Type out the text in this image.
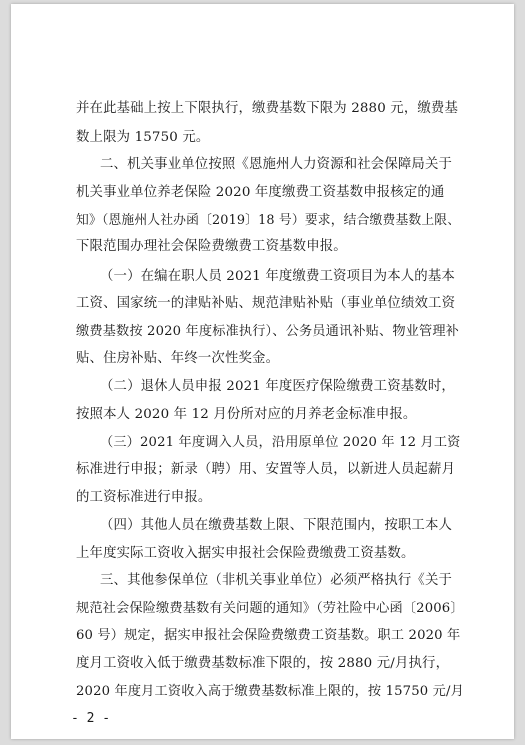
并在此基础上按上下限执行，缴费基数下限为 2880 元，缴费基
数上限为 15750 元。
二、机关事业单位按照《恩施州人力资源和社会保障局关于
机关事业单位养老保险 2020 年度缴费工资基数申报核定的通
知》（恩施州人社办函〔2019〕18 号）要求，结合缴费基数上限、
下限范围办理社会保险费缴费工资基数申报。
（一）在编在职人员 2021 年度缴费工资项目为本人的基本
工资、国家统一的津贴补贴、规范津贴补贴（事业单位绩效工资
缴费基数按 2020 年度标准执行）、公务员通讯补贴、物业管理补
贴、住房补贴、年终一次性奖金。
（二）退休人员申报 2021 年度医疗保险缴费工资基数时，
按照本人 2020 年 12 月份所对应的月养老金标准申报。
（三）2021 年度调入人员，沿用原单位 2020 年 12 月工资
标准进行申报；新录（聘）用、安置等人员，以新进人员起薪月
的工资标准进行申报。
（四）其他人员在缴费基数上限、下限范围内，按职工本人
上年度实际工资收入据实申报社会保险费缴费工资基数。
三、其他参保单位（非机关事业单位）必须严格执行《关于
规范社会保险缴费基数有关问题的通知》（劳社险中心函〔2006〕
60 号）规定，据实申报社会保险费缴费工资基数。职工 2020 年
度月工资收入低于缴费基数标准下限的，按 2880 元/月执行，
2020 年度月工资收入高于缴费基数标准上限的，按 15750 元/月
- 2 -
